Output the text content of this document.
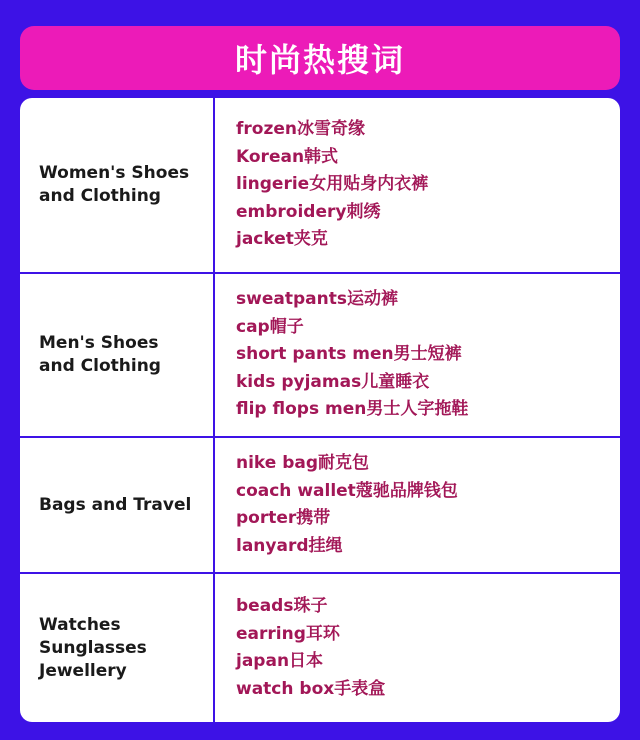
时尚热搜词
Women's Shoes
and Clothing
frozen冰雪奇缘
Korean韩式
lingerie女用贴身内衣裤
embroidery刺绣
jacket夹克
Men's Shoes
and Clothing
sweatpants运动裤
cap帽子
short pants men男士短裤
kids pyjamas儿童睡衣
flip flops men男士人字拖鞋
Bags and Travel
nike bag耐克包
coach wallet蔻驰品牌钱包
porter携带
lanyard挂绳
Watches Sunglasses
Jewellery
beads珠子
earring耳环
japan日本
watch box手表盒
